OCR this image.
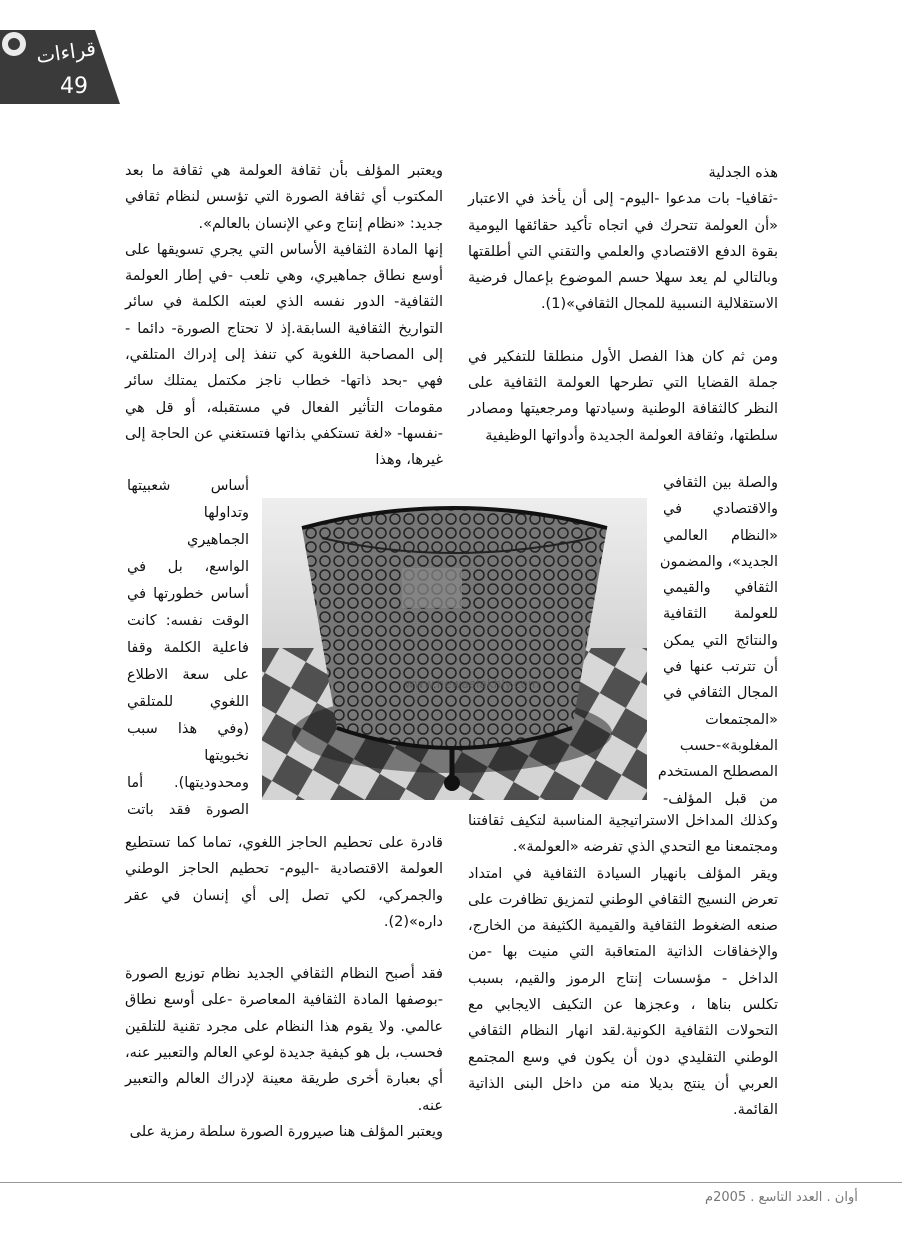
قراءات
49

هذه الجدلية

-ثقافيا- بات مدعوا -اليوم- إلى أن يأخذ في الاعتبار «أن العولمة تتحرك في اتجاه تأكيد حقائقها اليومية بقوة الدفع الاقتصادي والعلمي والتقني التي أطلقتها وبالتالي لم يعد سهلا حسم الموضوع بإعمال فرضية الاستقلالية النسبية للمجال الثقافي»(1).

ومن ثم كان هذا الفصل الأول منطلقا للتفكير في جملة القضايا التي تطرحها العولمة الثقافية على النظر كالثقافة الوطنية وسيادتها ومرجعيتها ومصادر سلطتها، وثقافة العولمة الجديدة وأدواتها الوظيفية

والصلة بين الثقافي
والاقتصادي في
«النظام العالمي
الجديد»، والمضمون
الثقافي والقيمي
للعولمة الثقافية
والنتائج التي يمكن
أن تترتب عنها في
المجال الثقافي في
«المجتمعات
المغلوبة»-حسب
المصطلح المستخدم
من قبل المؤلف-

وكذلك المداخل الاستراتيجية المناسبة لتكيف ثقافتنا ومجتمعنا مع التحدي الذي تفرضه «العولمة».

ويقر المؤلف بانهيار السيادة الثقافية في امتداد تعرض النسيج الثقافي الوطني لتمزيق تظافرت على صنعه الضغوط الثقافية والقيمية الكثيفة من الخارج، والإخفاقات الذاتية المتعاقبة التي منيت بها -من الداخل - مؤسسات إنتاج الرموز والقيم، بسبب تكلس بناها ، وعجزها عن التكيف الايجابي مع التحولات الثقافية الكونية.لقد انهار النظام الثقافي الوطني التقليدي دون أن يكون في وسع المجتمع العربي أن ينتج بديلا منه من داخل البنى الذاتية القائمة.

ويعتبر المؤلف بأن ثقافة العولمة هي ثقافة ما بعد المكتوب أي ثقافة الصورة التي تؤسس لنظام ثقافي جديد: «نظام إنتاج وعي الإنسان بالعالم».

إنها المادة الثقافية الأساس التي يجري تسويقها على أوسع نطاق جماهيري، وهي تلعب -في إطار العولمة الثقافية- الدور نفسه الذي لعبته الكلمة في سائر التواريخ الثقافية السابقة.إذ لا تحتاج الصورة- دائما - إلى المصاحبة اللغوية كي تنفذ إلى إدراك المتلقي، فهي -بحد ذاتها- خطاب ناجز مكتمل يمتلك سائر مقومات التأثير الفعال في مستقبله، أو قل هي -نفسها- «لغة تستكفي بذاتها فتستغني عن الحاجة إلى غيرها، وهذا

أساس شعبيتها
وتداولها
الجماهيري
الواسع، بل في
أساس خطورتها في
الوقت نفسه: كانت
فاعلية الكلمة وقفا
على سعة الاطلاع
اللغوي للمتلقي
(وفي هذا سبب
نخبويتها
ومحدوديتها). أما
الصورة فقد باتت

قادرة على تحطيم الحاجز اللغوي، تماما كما تستطيع العولمة الاقتصادية -اليوم- تحطيم الحاجز الوطني والجمركي، لكي تصل إلى أي إنسان في عقر داره»(2).

فقد أصبح النظام الثقافي الجديد نظام توزيع الصورة -بوصفها المادة الثقافية المعاصرة -على أوسع نطاق عالمي. ولا يقوم هذا النظام على مجرد تقنية للتلقين فحسب، بل هو كيفية جديدة لوعي العالم والتعبير عنه، أي بعبارة أخرى طريقة معينة لإدراك العالم والتعبير عنه.

ويعتبر المؤلف هنا صيرورة الصورة سلطة رمزية على

www.hewaelakhly.com
أوان . العدد التاسع . 2005م
